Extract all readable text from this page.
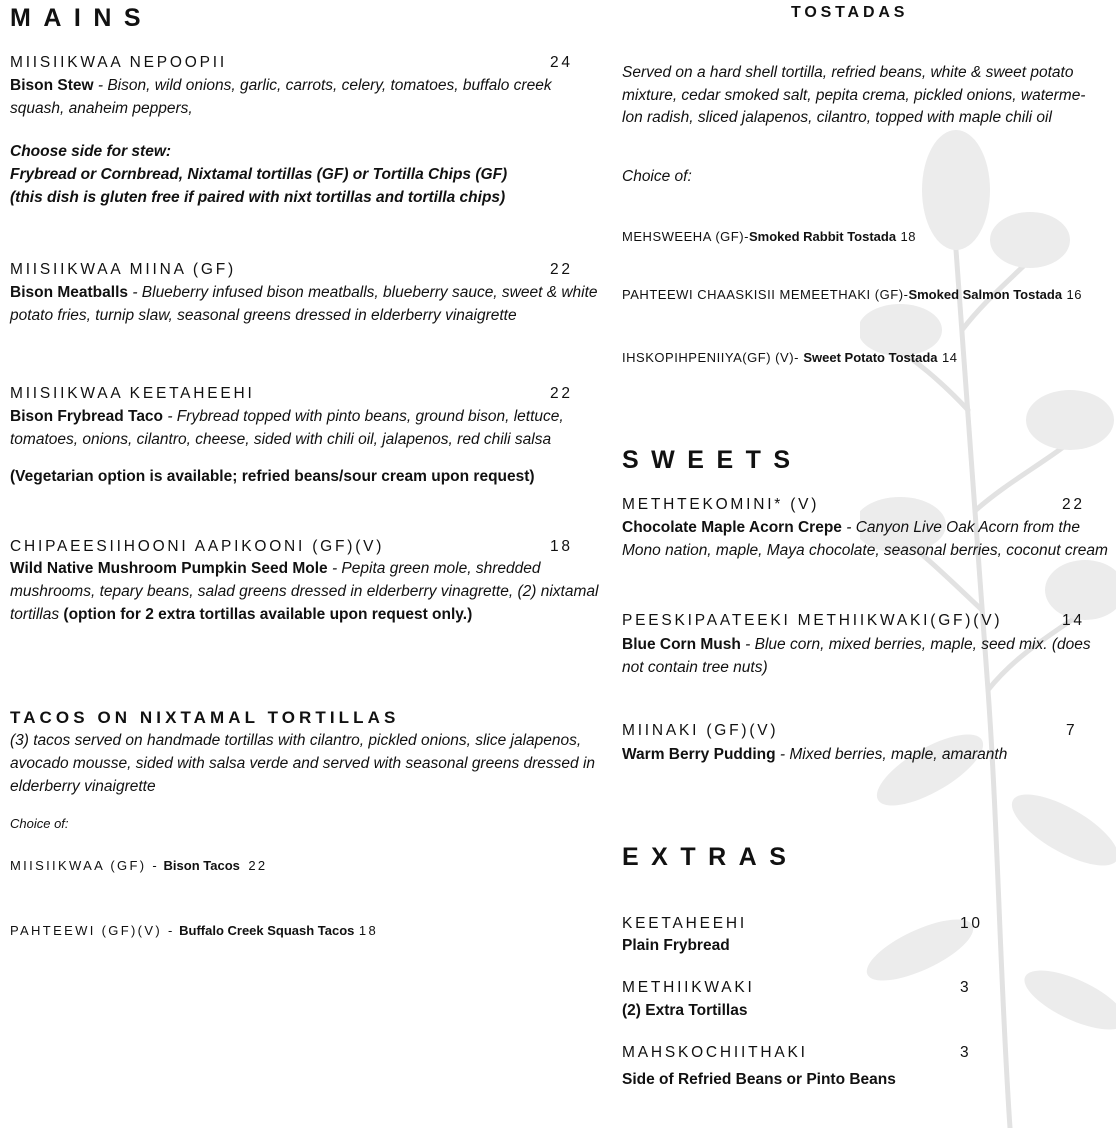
MAINS
MIISIIKWAA NEPOOPII	24
Bison Stew - Bison, wild onions, garlic, carrots, celery, tomatoes, buffalo creek squash, anaheim peppers,
Choose side for stew:
Frybread or Cornbread, Nixtamal tortillas (GF) or Tortilla Chips (GF)
(this dish is gluten free if paired with nixt tortillas and tortilla chips)
MIISIIKWAA MIINA (GF)	22
Bison Meatballs - Blueberry infused bison meatballs, blueberry sauce, sweet & white potato fries, turnip slaw, seasonal greens dressed in elderberry vinaigrette
MIISIIKWAA KEETAHEEHI	22
Bison Frybread Taco - Frybread topped with pinto beans, ground bison, lettuce, tomatoes, onions, cilantro, cheese, sided with chili oil, jalapenos, red chili salsa
(Vegetarian option is available; refried beans/sour cream upon request)
CHIPAEESIIHOONI AAPIKOONI (GF)(V)	18
Wild Native Mushroom Pumpkin Seed Mole - Pepita green mole, shredded mushrooms, tepary beans, salad greens dressed in elderberry vinagrette, (2) nixtamal tortillas (option for 2 extra tortillas available upon request only.)
TACOS ON NIXTAMAL TORTILLAS
(3) tacos served on handmade tortillas with cilantro, pickled onions, slice jalapenos, avocado mousse, sided with salsa verde and served with seasonal greens dressed in elderberry vinaigrette
Choice of:
MIISIIKWAA (GF) - Bison Tacos 22
PAHTEEWI (GF)(V) - Buffalo Creek Squash Tacos 18
TOSTADAS
Served on a hard shell tortilla, refried beans, white & sweet potato
mixture, cedar smoked salt, pepita crema, pickled onions, waterme-
lon radish, sliced jalapenos, cilantro, topped with maple chili oil
Choice of:
MEHSWEEHA (GF)-Smoked Rabbit Tostada 18
PAHTEEWI CHAASKISII MEMEETHAKI (GF)-Smoked Salmon Tostada 16
IHSKOPIHPENIIYA(GF) (V)- Sweet Potato Tostada 14
SWEETS
METHTEKOMINI* (V)	22
Chocolate Maple Acorn Crepe - Canyon Live Oak Acorn from the Mono nation, maple, Maya chocolate, seasonal berries, coconut cream
PEESKIPAATEEKI METHIIKWAKI(GF)(V)	14
Blue Corn Mush - Blue corn, mixed berries, maple, seed mix. (does not contain tree nuts)
MIINAKI (GF)(V)	7
Warm Berry Pudding - Mixed berries, maple, amaranth
EXTRAS
KEETAHEEHI	10
Plain Frybread
METHIIKWAKI	3
(2) Extra Tortillas
MAHSKOCHIITHAKI	3
Side of Refried Beans or Pinto Beans
